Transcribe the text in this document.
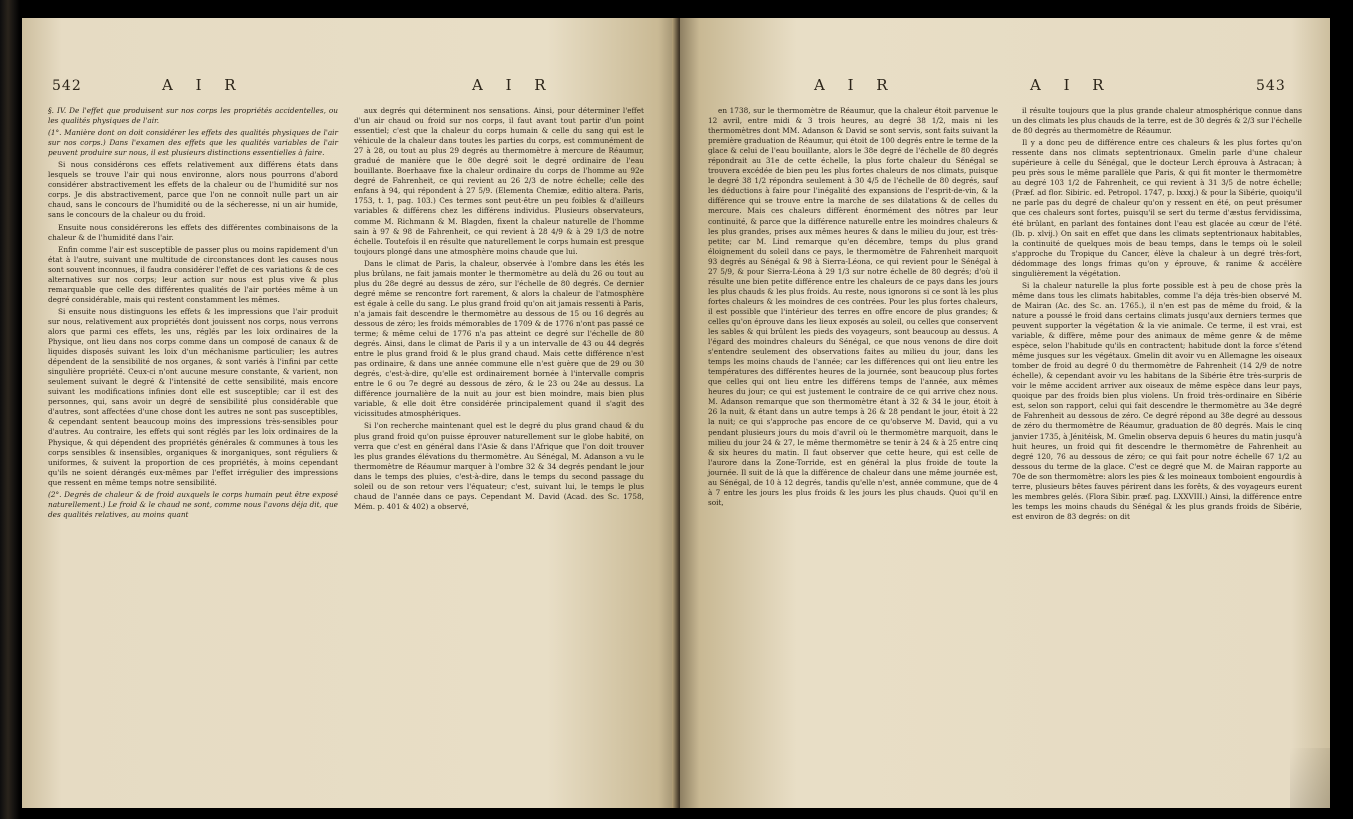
542	A I R	A I R

§. IV. De l'effet que produisent sur nos corps les propriétés accidentelles, ou les qualités physiques de l'air.

(1°. Manière dont on doit considérer les effets des qualités physiques de l'air sur nos corps.) Dans l'examen des effets que les qualités variables de l'air peuvent produire sur nous, il est plusieurs distinctions essentielles à faire.

Si nous considérons ces effets relativement aux différens états dans lesquels se trouve l'air qui nous environne, alors nous pourrons d'abord considérer abstractivement les effets de la chaleur ou de l'humidité sur nos corps. Je dis abstractivement, parce que l'on ne connoît nulle part un air chaud, sans le concours de l'humidité ou de la sécheresse, ni un air humide, sans le concours de la chaleur ou du froid.

Ensuite nous considérerons les effets des différentes combinaisons de la chaleur & de l'humidité dans l'air.

Enfin comme l'air est susceptible de passer plus ou moins rapidement d'un état à l'autre, suivant une multitude de circonstances dont les causes nous sont souvent inconnues, il faudra considérer l'effet de ces variations & de ces alternatives sur nos corps; leur action sur nous est plus vive & plus remarquable que celle des différentes qualités de l'air portées même à un degré considérable, mais qui restent constamment les mêmes.

Si ensuite nous distinguons les effets & les impressions que l'air produit sur nous, relativement aux propriétés dont jouissent nos corps, nous verrons alors que parmi ces effets, les uns, réglés par les loix ordinaires de la Physique, ont lieu dans nos corps comme dans un composé de canaux & de liquides disposés suivant les loix d'un méchanisme particulier; les autres dépendent de la sensibilité de nos organes, & sont variés à l'infini par cette singulière propriété. Ceux-ci n'ont aucune mesure constante, & varient, non seulement suivant le degré & l'intensité de cette sensibilité, mais encore suivant les modifications infinies dont elle est susceptible; car il est des personnes, qui, sans avoir un degré de sensibilité plus considérable que d'autres, sont affectées d'une chose dont les autres ne sont pas susceptibles, & cependant sentent beaucoup moins des impressions très-sensibles pour d'autres. Au contraire, les effets qui sont réglés par les loix ordinaires de la Physique, & qui dépendent des propriétés générales & communes à tous les corps sensibles & insensibles, organiques & inorganiques, sont réguliers & uniformes, & suivent la proportion de ces propriétés, à moins cependant qu'ils ne soient dérangés eux-mêmes par l'effet irrégulier des impressions que ressent en même temps notre sensibilité.

(2°. Degrés de chaleur & de froid auxquels le corps humain peut être exposé naturellement.) Le froid & le chaud ne sont, comme nous l'avons déja dit, que des qualités relatives, au moins quant

aux degrés qui déterminent nos sensations. Ainsi, pour déterminer l'effet d'un air chaud ou froid sur nos corps, il faut avant tout partir d'un point essentiel; c'est que la chaleur du corps humain & celle du sang qui est le véhicule de la chaleur dans toutes les parties du corps, est communément de 27 à 28, ou tout au plus 29 degrés au thermomètre à mercure de Réaumur, gradué de manière que le 80e degré soit le degré ordinaire de l'eau bouillante. Boerhaave fixe la chaleur ordinaire du corps de l'homme au 92e degré de Fahrenheit, ce qui revient au 26 2/3 de notre échelle; celle des enfans à 94, qui répondent à 27 5/9. (Elementa Chemiæ, editio altera. Paris, 1753, t. 1, pag. 103.) Ces termes sont peut-être un peu foibles & d'ailleurs variables & différens chez les différens individus. Plusieurs observateurs, comme M. Richmann & M. Blagden, fixent la chaleur naturelle de l'homme sain à 97 & 98 de Fahrenheit, ce qui revient à 28 4/9 & à 29 1/3 de notre échelle. Toutefois il en résulte que naturellement le corps humain est presque toujours plongé dans une atmosphère moins chaude que lui.

Dans le climat de Paris, la chaleur, observée à l'ombre dans les étés les plus brûlans, ne fait jamais monter le thermomètre au delà du 26 ou tout au plus du 28e degré au dessus de zéro, sur l'échelle de 80 degrés. Ce dernier degré même se rencontre fort rarement, & alors la chaleur de l'atmosphère est égale à celle du sang. Le plus grand froid qu'on ait jamais ressenti à Paris, n'a jamais fait descendre le thermomètre au dessous de 15 ou 16 degrés au dessous de zéro; les froids mémorables de 1709 & de 1776 n'ont pas passé ce terme; & même celui de 1776 n'a pas atteint ce degré sur l'échelle de 80 degrés. Ainsi, dans le climat de Paris il y a un intervalle de 43 ou 44 degrés entre le plus grand froid & le plus grand chaud. Mais cette différence n'est pas ordinaire, & dans une année commune elle n'est guère que de 29 ou 30 degrés, c'est-à-dire, qu'elle est ordinairement bornée à l'intervalle compris entre le 6 ou 7e degré au dessous de zéro, & le 23 ou 24e au dessus. La différence journalière de la nuit au jour est bien moindre, mais bien plus variable, & elle doit être considérée principalement quand il s'agit des vicissitudes atmosphériques.

Si l'on recherche maintenant quel est le degré du plus grand chaud & du plus grand froid qu'on puisse éprouver naturellement sur le globe habité, on verra que c'est en général dans l'Asie & dans l'Afrique que l'on doit trouver les plus grandes élévations du thermomètre. Au Sénégal, M. Adanson a vu le thermomètre de Réaumur marquer à l'ombre 32 & 34 degrés pendant le jour dans le temps des pluies, c'est-à-dire, dans le temps du second passage du soleil ou de son retour vers l'équateur; c'est, suivant lui, le temps le plus chaud de l'année dans ce pays. Cependant M. David (Acad. des Sc. 1758, Mém. p. 401 & 402) a observé,

A I R	A I R	543

en 1738, sur le thermomètre de Réaumur, que la chaleur étoit parvenue le 12 avril, entre midi & 3 trois heures, au degré 38 1/2, mais ni les thermomètres dont MM. Adanson & David se sont servis, sont faits suivant la première graduation de Réaumur, qui étoit de 100 degrés entre le terme de la glace & celui de l'eau bouillante, alors le 38e degré de l'échelle de 80 degrés répondrait au 31e de cette échelle, la plus forte chaleur du Sénégal se trouvera excédée de bien peu les plus fortes chaleurs de nos climats, puisque le degré 38 1/2 répondra seulement à 30 4/5 de l'échelle de 80 degrés, sauf les déductions à faire pour l'inégalité des expansions de l'esprit-de-vin, & la différence qui se trouve entre la marche de ses dilatations & de celles du mercure. Mais ces chaleurs diffèrent énormément des nôtres par leur continuité, & parce que la différence naturelle entre les moindres chaleurs & les plus grandes, prises aux mêmes heures & dans le milieu du jour, est très-petite; car M. Lind remarque qu'en décembre, temps du plus grand éloignement du soleil dans ce pays, le thermomètre de Fahrenheit marquoit 93 degrés au Sénégal & 98 à Sierra-Léona, ce qui revient pour le Sénégal à 27 5/9, & pour Sierra-Léona à 29 1/3 sur notre échelle de 80 degrés; d'où il résulte une bien petite différence entre les chaleurs de ce pays dans les jours les plus chauds & les plus froids. Au reste, nous ignorons si ce sont là les plus fortes chaleurs & les moindres de ces contrées. Pour les plus fortes chaleurs, il est possible que l'intérieur des terres en offre encore de plus grandes; & celles qu'on éprouve dans les lieux exposés au soleil, ou celles que conservent les sables & qui brûlent les pieds des voyageurs, sont beaucoup au dessus. A l'égard des moindres chaleurs du Sénégal, ce que nous venons de dire doit s'entendre seulement des observations faites au milieu du jour, dans les temps les moins chauds de l'année; car les différences qui ont lieu entre les températures des différentes heures de la journée, sont beaucoup plus fortes que celles qui ont lieu entre les différens temps de l'année, aux mêmes heures du jour; ce qui est justement le contraire de ce qui arrive chez nous. M. Adanson remarque que son thermomètre étant à 32 & 34 le jour, étoit à 26 la nuit, & étant dans un autre temps à 26 & 28 pendant le jour, étoit à 22 la nuit; ce qui s'approche pas encore de ce qu'observe M. David, qui a vu pendant plusieurs jours du mois d'avril où le thermomètre marquoit, dans le milieu du jour 24 & 27, le même thermomètre se tenir à 24 & à 25 entre cinq & six heures du matin. Il faut observer que cette heure, qui est celle de l'aurore dans la Zone-Torride, est en général la plus froide de toute la journée. Il suit de là que la différence de chaleur dans une même journée est, au Sénégal, de 10 à 12 degrés, tandis qu'elle n'est, année commune, que de 4 à 7 entre les jours les plus froids & les jours les plus chauds. Quoi qu'il en soit,

il résulte toujours que la plus grande chaleur atmosphérique connue dans un des climats les plus chauds de la terre, est de 30 degrés & 2/3 sur l'échelle de 80 degrés au thermomètre de Réaumur.

Il y a donc peu de différence entre ces chaleurs & les plus fortes qu'on ressente dans nos climats septentrionaux. Gmelin parle d'une chaleur supérieure à celle du Sénégal, que le docteur Lerch éprouva à Astracan; à peu près sous le même parallèle que Paris, & qui fit monter le thermomètre au degré 103 1/2 de Fahrenheit, ce qui revient à 31 3/5 de notre échelle; (Præf. ad flor. Sibiric. ed. Petropol. 1747, p. lxxxj.) & pour la Sibérie, quoiqu'il ne parle pas du degré de chaleur qu'on y ressent en été, on peut présumer que ces chaleurs sont fortes, puisqu'il se sert du terme d'æstus fervidissima, été brûlant, en parlant des fontaines dont l'eau est glacée au cœur de l'été. (Ib. p. xlvij.) On sait en effet que dans les climats septentrionaux habitables, la continuité de quelques mois de beau temps, dans le temps où le soleil s'approche du Tropique du Cancer, élève la chaleur à un degré très-fort, dédommage des longs frimas qu'on y éprouve, & ranime & accélère singulièrement la végétation.

Si la chaleur naturelle la plus forte possible est à peu de chose près la même dans tous les climats habitables, comme l'a déja très-bien observé M. de Mairan (Ac. des Sc. an. 1765.), il n'en est pas de même du froid, & la nature a poussé le froid dans certains climats jusqu'aux derniers termes que peuvent supporter la végétation & la vie animale. Ce terme, il est vrai, est variable, & diffère, même pour des animaux de même genre & de même espèce, selon l'habitude qu'ils en contractent; habitude dont la force s'étend même jusques sur les végétaux. Gmelin dit avoir vu en Allemagne les oiseaux tomber de froid au degré 0 du thermomètre de Fahrenheit (14 2/9 de notre échelle), & cependant avoir vu les habitans de la Sibérie être très-surpris de voir le même accident arriver aux oiseaux de même espèce dans leur pays, quoique par des froids bien plus violens. Un froid très-ordinaire en Sibérie est, selon son rapport, celui qui fait descendre le thermomètre au 34e degré de Fahrenheit au dessous de zéro. Ce degré répond au 38e degré au dessous de zéro du thermomètre de Réaumur, graduation de 80 degrés. Mais le cinq janvier 1735, à Jénitéisk, M. Gmelin observa depuis 6 heures du matin jusqu'à huit heures, un froid qui fit descendre le thermomètre de Fahrenheit au degré 120, 76 au dessous de zéro; ce qui fait pour notre échelle 67 1/2 au dessous du terme de la glace. C'est ce degré que M. de Mairan rapporte au 70e de son thermomètre: alors les pies & les moineaux tomboient engourdis à terre, plusieurs bêtes fauves périrent dans les forêts, & des voyageurs eurent les membres gelés. (Flora Sibir. præf. pag. LXXVIII.) Ainsi, la différence entre les temps les moins chauds du Sénégal & les plus grands froids de Sibérie, est environ de 83 degrés: on dit
